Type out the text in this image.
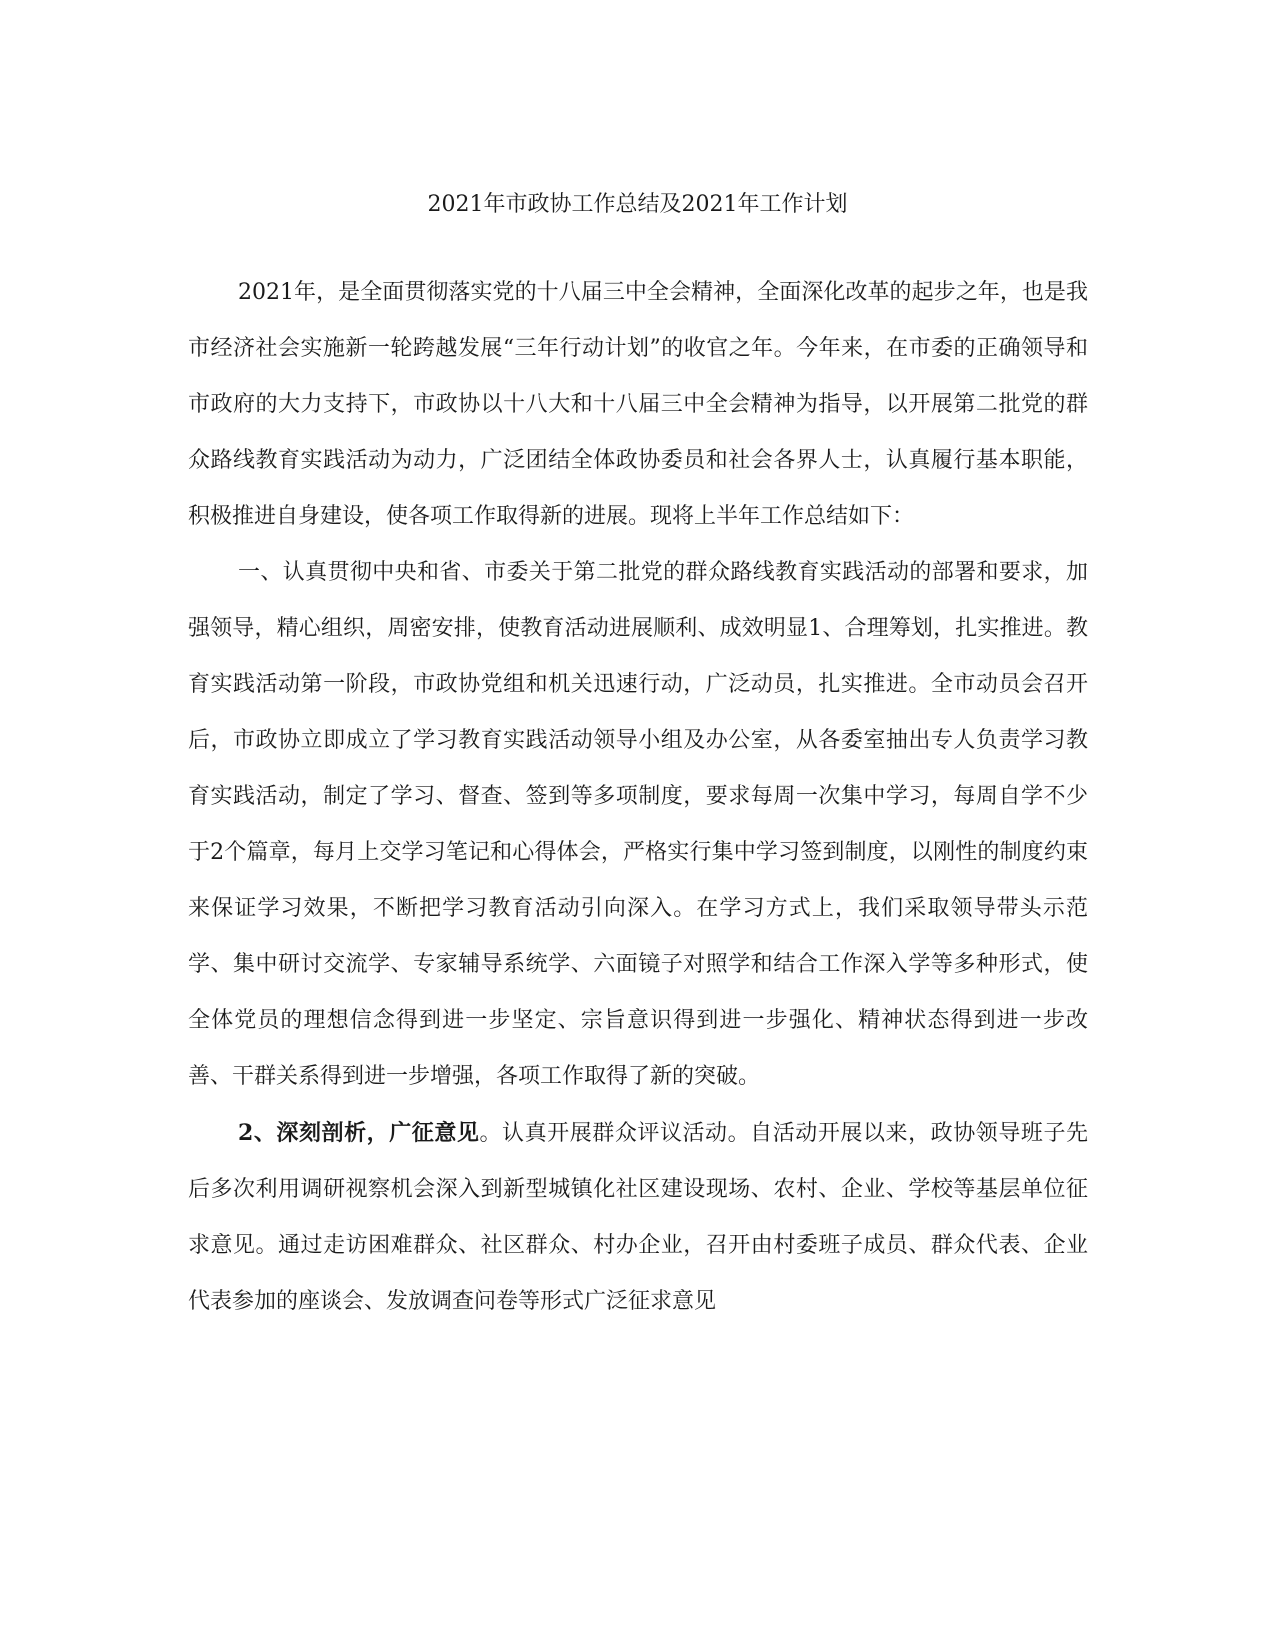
2021年市政协工作总结及2021年工作计划

2021年，是全面贯彻落实党的十八届三中全会精神，全面深化改革的起步之年，也是我市经济社会实施新一轮跨越发展“三年行动计划”的收官之年。今年来，在市委的正确领导和市政府的大力支持下，市政协以十八大和十八届三中全会精神为指导，以开展第二批党的群众路线教育实践活动为动力，广泛团结全体政协委员和社会各界人士，认真履行基本职能，积极推进自身建设，使各项工作取得新的进展。现将上半年工作总结如下：

一、认真贯彻中央和省、市委关于第二批党的群众路线教育实践活动的部署和要求，加强领导，精心组织，周密安排，使教育活动进展顺利、成效明显1、合理筹划，扎实推进。教育实践活动第一阶段，市政协党组和机关迅速行动，广泛动员，扎实推进。全市动员会召开后，市政协立即成立了学习教育实践活动领导小组及办公室，从各委室抽出专人负责学习教育实践活动，制定了学习、督查、签到等多项制度，要求每周一次集中学习，每周自学不少于2个篇章，每月上交学习笔记和心得体会，严格实行集中学习签到制度，以刚性的制度约束来保证学习效果，不断把学习教育活动引向深入。在学习方式上，我们采取领导带头示范学、集中研讨交流学、专家辅导系统学、六面镜子对照学和结合工作深入学等多种形式，使全体党员的理想信念得到进一步坚定、宗旨意识得到进一步强化、精神状态得到进一步改善、干群关系得到进一步增强，各项工作取得了新的突破。

2、深刻剖析，广征意见。认真开展群众评议活动。自活动开展以来，政协领导班子先后多次利用调研视察机会深入到新型城镇化社区建设现场、农村、企业、学校等基层单位征求意见。通过走访困难群众、社区群众、村办企业，召开由村委班子成员、群众代表、企业代表参加的座谈会、发放调查问卷等形式广泛征求意见
